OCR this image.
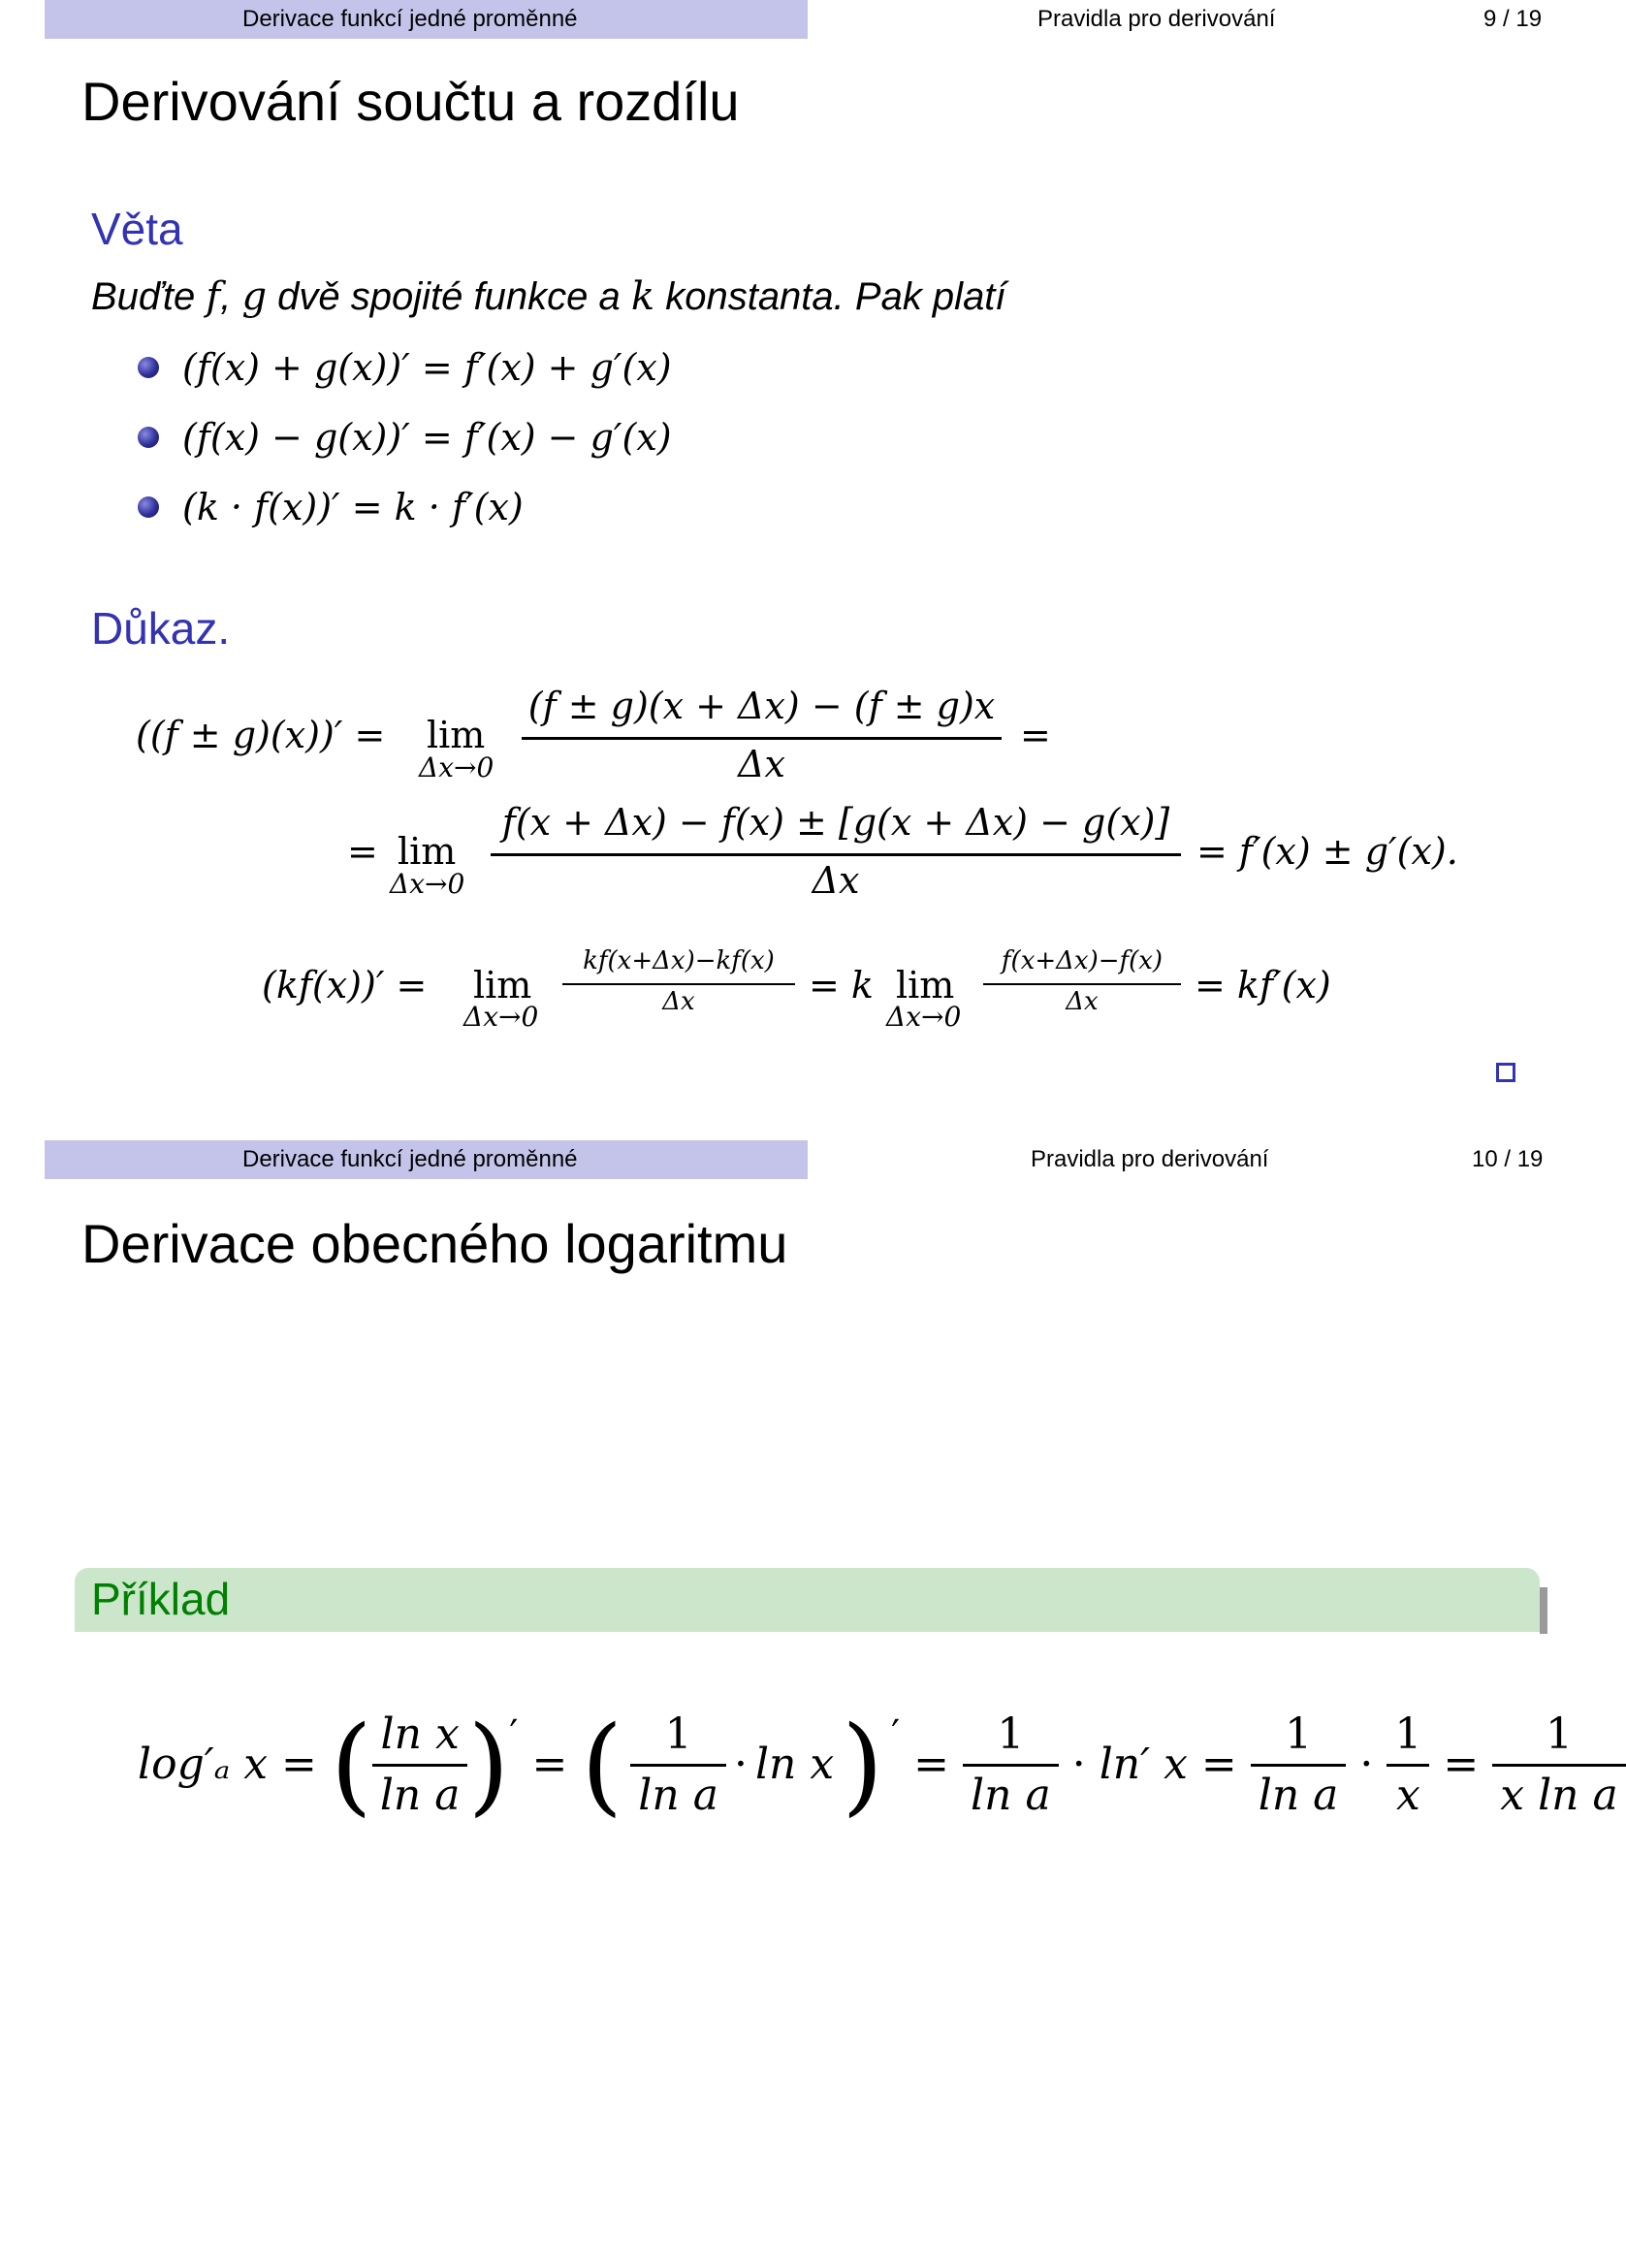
Derivace funkcí jedné proměnné	Pravidla pro derivování	9 / 19
Derivování součtu a rozdílu
Věta
Buďte f, g dvě spojité funkce a k konstanta. Pak platí
(f(x) + g(x))′ = f′(x) + g′(x)
(f(x) − g(x))′ = f′(x) − g′(x)
(k · f(x))′ = k · f′(x)
Důkaz.
((f ± g)(x))′ = lim
Δx→0
(f ± g)(x + Δx) − (f ± g)x
Δx
=
= lim
Δx→0
f(x + Δx) − f(x) ± [g(x + Δx) − g(x)]
Δx
= f′(x) ± g′(x).
(kf(x))′ = lim
Δx→0
kf(x+Δx)−kf(x)
Δx	= k lim
Δx→0
f(x+Δx)−f(x)
Δx	= kf′(x)
Derivace funkcí jedné proměnné	Pravidla pro derivování	10 / 19
Derivace obecného logaritmu
Příklad
log′ₐ x = ( $\frac{\text{ln x}}{\text{ln a}}$ ) ′
= ( $\frac{1}{\text{ln a}} \cdot \ln x$ ) ′
= $\frac{1}{\text{ln a}} \cdot \ln'$ $x = \frac{1}{\text{ln a}} \cdot \frac{1}{x} = \frac{1}{\text{x ln a}}$
